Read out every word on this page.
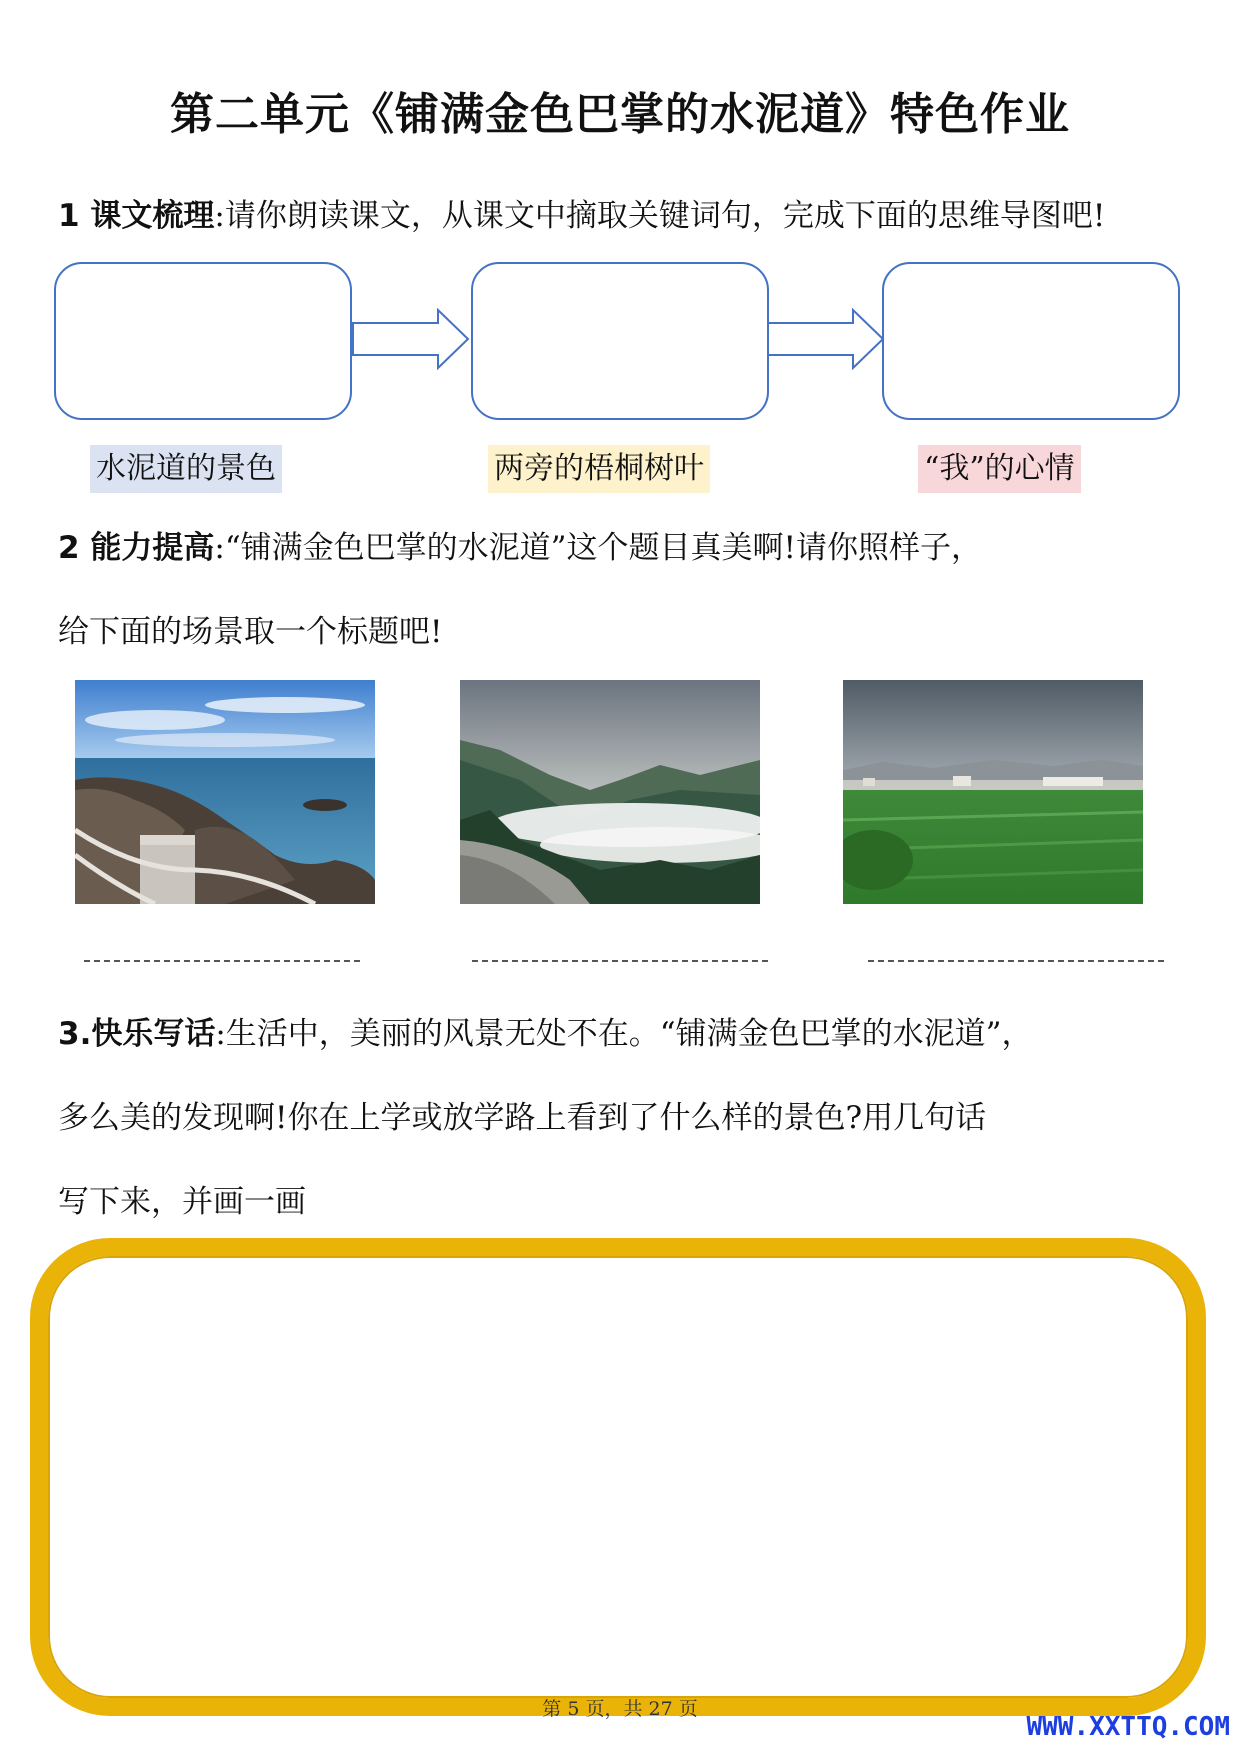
第二单元《铺满金色巴掌的水泥道》特色作业
1 课文梳理:请你朗读课文，从课文中摘取关键词句，完成下面的思维导图吧!
水泥道的景色	两旁的梧桐树叶	“我”的心情
2 能力提高:“铺满金色巴掌的水泥道”这个题目真美啊!请你照样子，
给下面的场景取一个标题吧!
3.快乐写话:生活中，美丽的风景无处不在。“铺满金色巴掌的水泥道”，
多么美的发现啊!你在上学或放学路上看到了什么样的景色?用几句话
写下来，并画一画
第 5 页，共 27 页
WWW.XXTTQ.COM
